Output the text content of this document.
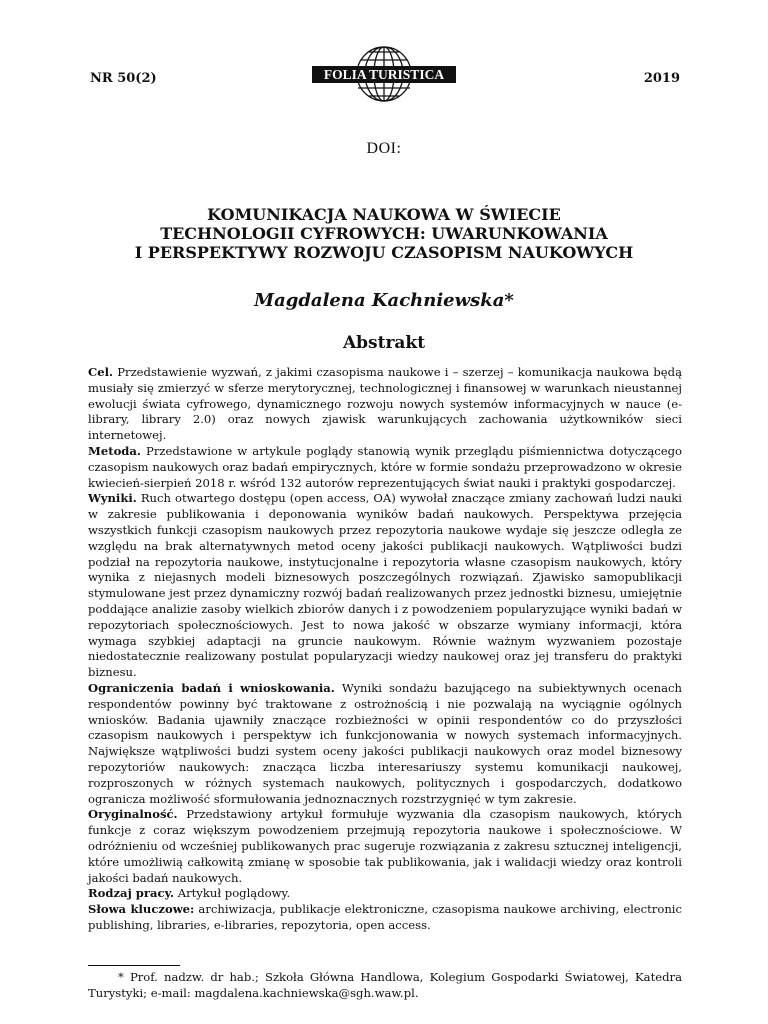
NR 50(2)	FOLIA TURISTICA	2019
DOI:
KOMUNIKACJA NAUKOWA W ŚWIECIE
TECHNOLOGII CYFROWYCH: UWARUNKOWANIA
I PERSPEKTYWY ROZWOJU CZASOPISM NAUKOWYCH
Magdalena Kachniewska*
Abstrakt

Cel. Przedstawienie wyzwań, z jakimi czasopisma naukowe i – szerzej – komunikacja naukowa będą musiały się zmierzyć w sferze merytorycznej, technologicznej i finansowej w warunkach nieustannej ewolucji świata cyfrowego, dynamicznego rozwoju nowych systemów informacyjnych w nauce (e-library, library 2.0) oraz nowych zjawisk warunkujących zachowania użytkowników sieci internetowej.

Metoda. Przedstawione w artykule poglądy stanowią wynik przeglądu piśmiennictwa dotyczącego czasopism naukowych oraz badań empirycznych, które w formie sondażu przeprowadzono w okresie kwiecień-sierpień 2018 r. wśród 132 autorów reprezentujących świat nauki i praktyki gospodarczej.

Wyniki. Ruch otwartego dostępu (open access, OA) wywołał znaczące zmiany zachowań ludzi nauki w zakresie publikowania i deponowania wyników badań naukowych. Perspektywa przejęcia wszystkich funkcji czasopism naukowych przez repozytoria naukowe wydaje się jeszcze odległa ze względu na brak alternatywnych metod oceny jakości publikacji naukowych. Wątpliwości budzi podział na repozytoria naukowe, instytucjonalne i repozytoria własne czasopism naukowych, który wynika z niejasnych modeli biznesowych poszczególnych rozwiązań. Zjawisko samopublikacji stymulowane jest przez dynamiczny rozwój badań realizowanych przez jednostki biznesu, umiejętnie poddające analizie zasoby wielkich zbiorów danych i z powodzeniem popularyzujące wyniki badań w repozytoriach społecznościowych. Jest to nowa jakość w obszarze wymiany informacji, która wymaga szybkiej adaptacji na gruncie naukowym. Równie ważnym wyzwaniem pozostaje niedostatecznie realizowany postulat popularyzacji wiedzy naukowej oraz jej transferu do praktyki biznesu.

Ograniczenia badań i wnioskowania. Wyniki sondażu bazującego na subiektywnych ocenach respondentów powinny być traktowane z ostrożnością i nie pozwalają na wyciągnie ogólnych wniosków. Badania ujawniły znaczące rozbieżności w opinii respondentów co do przyszłości czasopism naukowych i perspektyw ich funkcjonowania w nowych systemach informacyjnych. Największe wątpliwości budzi system oceny jakości publikacji naukowych oraz model biznesowy repozytoriów naukowych: znacząca liczba interesariuszy systemu komunikacji naukowej, rozproszonych w różnych systemach naukowych, politycznych i gospodarczych, dodatkowo ogranicza możliwość sformułowania jednoznacznych rozstrzygnięć w tym zakresie.

Oryginalność. Przedstawiony artykuł formułuje wyzwania dla czasopism naukowych, których funkcje z coraz większym powodzeniem przejmują repozytoria naukowe i społecznościowe. W odróżnieniu od wcześniej publikowanych prac sugeruje rozwiązania z zakresu sztucznej inteligencji, które umożliwią całkowitą zmianę w sposobie tak publikowania, jak i walidacji wiedzy oraz kontroli jakości badań naukowych.

Rodzaj pracy. Artykuł poglądowy.

Słowa kluczowe: archiwizacja, publikacje elektroniczne, czasopisma naukowe archiving, electronic publishing, libraries, e-libraries, repozytoria, open access.

* Prof. nadzw. dr hab.; Szkoła Główna Handlowa, Kolegium Gospodarki Światowej, Katedra Turystyki; e-mail: magdalena.kachniewska@sgh.waw.pl.
